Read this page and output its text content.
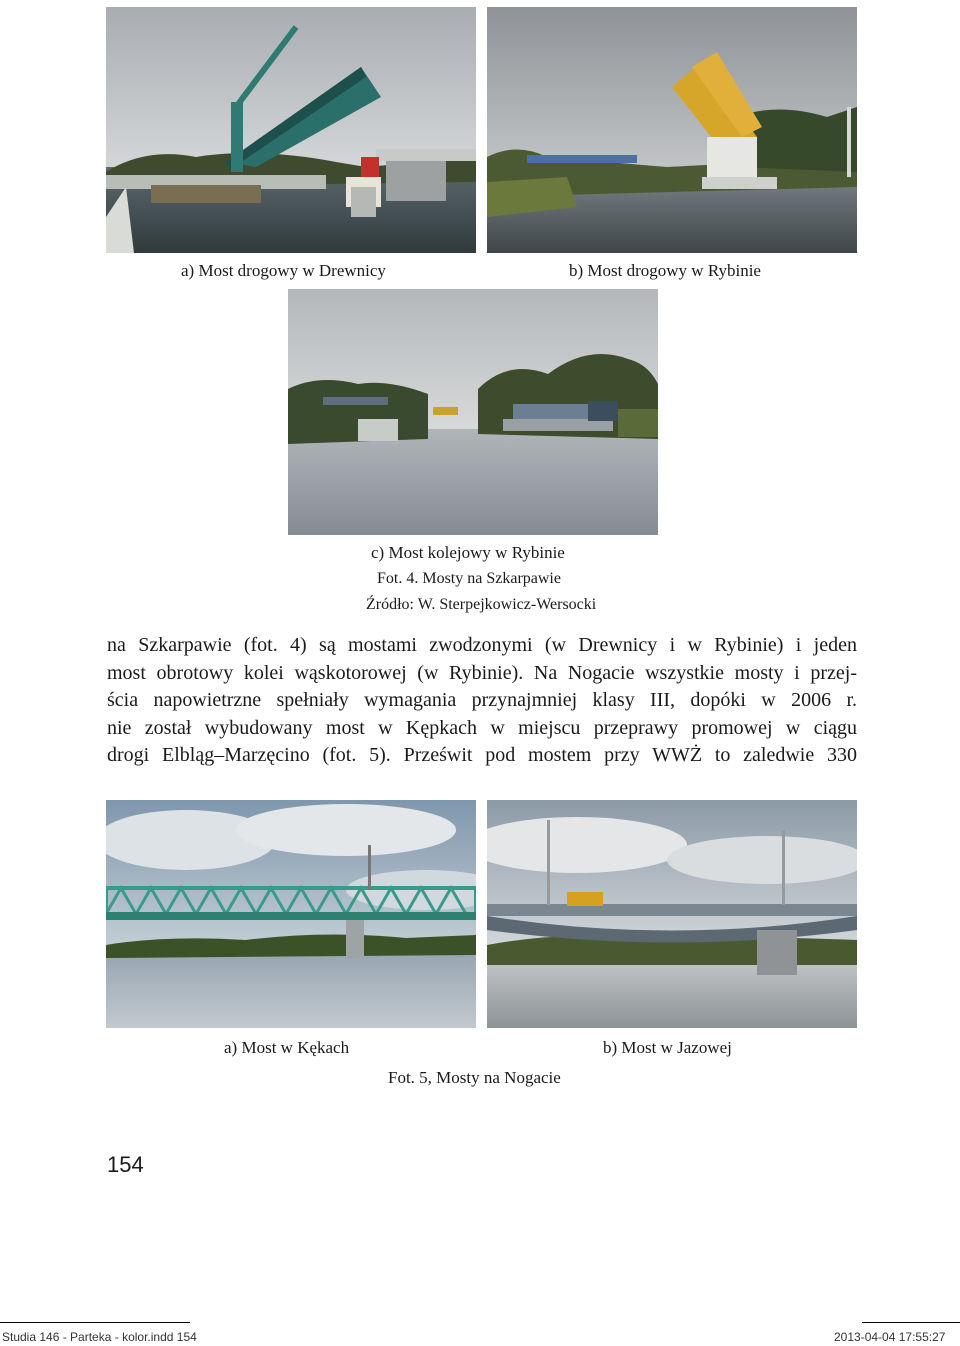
a) Most drogowy w Drewnicy	b) Most drogowy w Rybinie
c) Most kolejowy w Rybinie
Fot. 4. Mosty na Szkarpawie
Źródło: W. Sterpejkowicz-Wersocki
na Szkarpawie (fot. 4) są mostami zwodzonymi (w Drewnicy i w Rybinie) i jeden
most obrotowy kolei wąskotorowej (w Rybinie). Na Nogacie wszystkie mosty i przej-
ścia napowietrzne spełniały wymagania przynajmniej klasy III, dopóki w 2006 r.
nie został wybudowany most w Kępkach w miejscu przeprawy promowej w ciągu
drogi Elbląg–Marzęcino (fot. 5). Prześwit pod mostem przy WWŻ to zaledwie 330
a) Most w Kękach	b) Most w Jazowej
Fot. 5, Mosty na Nogacie
154
Studia 146 - Parteka - kolor.indd 154	2013-04-04 17:55:27
